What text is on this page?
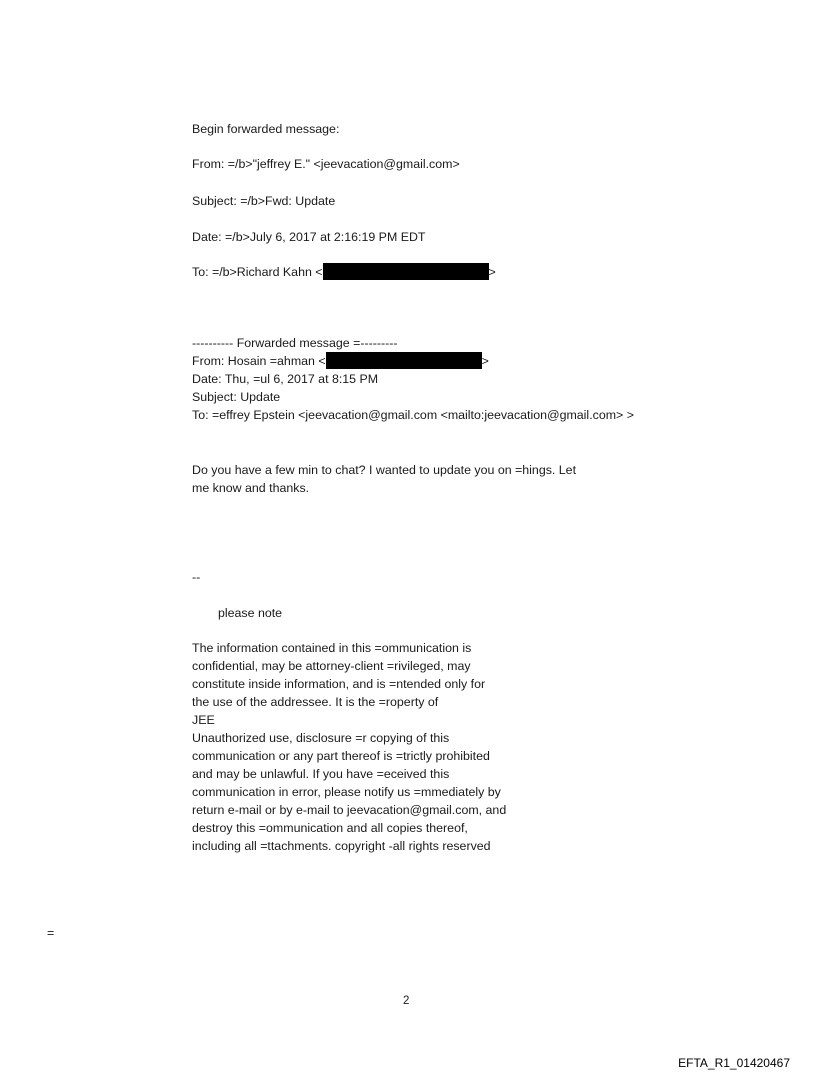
Begin forwarded message:
From: =/b>"jeffrey E." <jeevacation@gmail.com>
Subject: =/b>Fwd: Update
Date: =/b>July 6, 2017 at 2:16:19 PM EDT
To: =/b>Richard Kahn <	>
---------- Forwarded message =---------
From: Hosain =ahman <	>
Date: Thu, =ul 6, 2017 at 8:15 PM
Subject: Update
To: =effrey Epstein <jeevacation@gmail.com <mailto:jeevacation@gmail.com> >
Do you have a few min to chat? I wanted to update you on =hings. Let
me know and thanks.
--
please note
The information contained in this =ommunication is
confidential, may be attorney-client =rivileged, may
constitute inside information, and is =ntended only for
the use of the addressee. It is the =roperty of
JEE
Unauthorized use, disclosure =r copying of this
communication or any part thereof is =trictly prohibited
and may be unlawful. If you have =eceived this
communication in error, please notify us =mmediately by
return e-mail or by e-mail to jeevacation@gmail.com, and
destroy this =ommunication and all copies thereof,
including all =ttachments. copyright -all rights reserved
=
2
EFTA_R1_01420467
